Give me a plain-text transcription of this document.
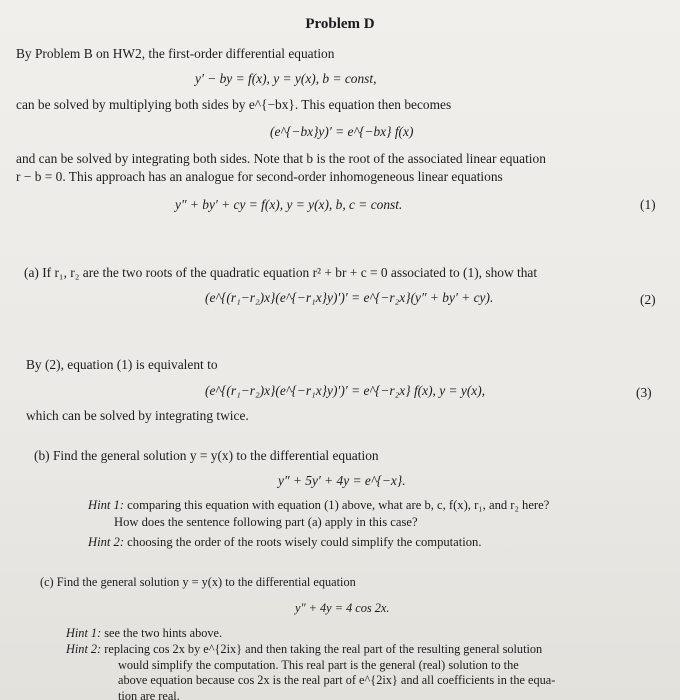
Problem D
By Problem B on HW2, the first-order differential equation
y′ − by = f(x), y = y(x), b = const,
can be solved by multiplying both sides by e^{−bx}. This equation then becomes
(e^{−bx}y)′ = e^{−bx} f(x)
and can be solved by integrating both sides. Note that b is the root of the associated linear equation
r − b = 0. This approach has an analogue for second-order inhomogeneous linear equations
y″ + by′ + cy = f(x), y = y(x), b, c = const.	(1)
(a) If r₁, r₂ are the two roots of the quadratic equation r² + br + c = 0 associated to (1), show that
(e^{(r₁−r₂)x}(e^{−r₁x}y)′)′ = e^{−r₂x}(y″ + by′ + cy).	(2)
By (2), equation (1) is equivalent to
(e^{(r₁−r₂)x}(e^{−r₁x}y)′)′ = e^{−r₂x} f(x), y = y(x),	(3)
which can be solved by integrating twice.
(b) Find the general solution y = y(x) to the differential equation
y″ + 5y′ + 4y = e^{−x}.
Hint 1: comparing this equation with equation (1) above, what are b, c, f(x), r₁, and r₂ here?
How does the sentence following part (a) apply in this case?
Hint 2: choosing the order of the roots wisely could simplify the computation.
(c) Find the general solution y = y(x) to the differential equation
y″ + 4y = 4 cos 2x.
Hint 1: see the two hints above.
Hint 2: replacing cos 2x by e^{2ix} and then taking the real part of the resulting general solution
would simplify the computation. This real part is the general (real) solution to the
above equation because cos 2x is the real part of e^{2ix} and all coefficients in the equa-
tion are real.
